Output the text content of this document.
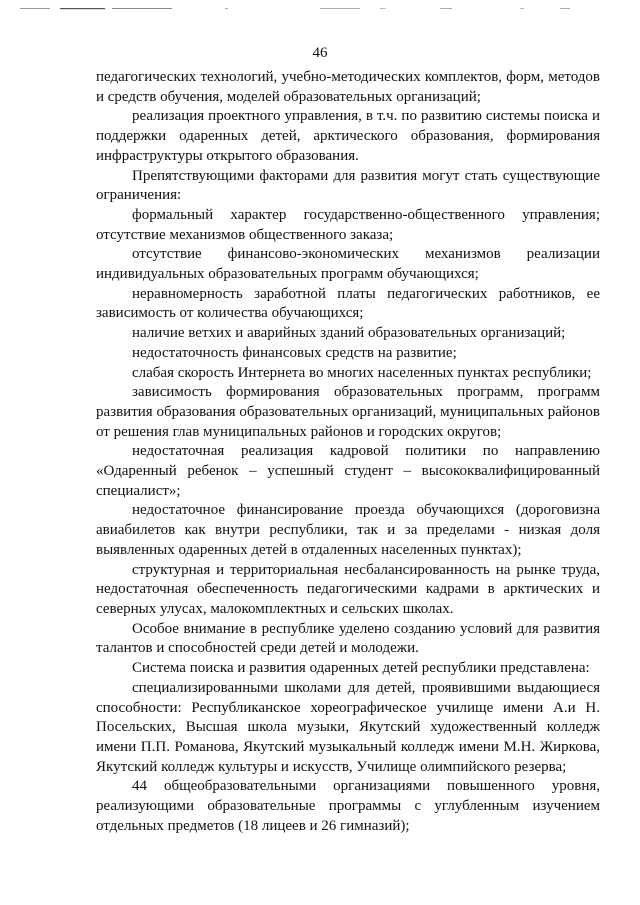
46

педагогических технологий, учебно-методических комплектов, форм, методов и средств обучения, моделей образовательных организаций;

реализация проектного управления, в т.ч. по развитию системы поиска и поддержки одаренных детей, арктического образования, формирования инфраструктуры открытого образования.

Препятствующими факторами для развития могут стать существующие ограничения:

формальный характер государственно-общественного управления; отсутствие механизмов общественного заказа;

отсутствие финансово-экономических механизмов реализации индивидуальных образовательных программ обучающихся;

неравномерность заработной платы педагогических работников, ее зависимость от количества обучающихся;

наличие ветхих и аварийных зданий образовательных организаций;

недостаточность финансовых средств на развитие;

слабая скорость Интернета во многих населенных пунктах республики;

зависимость формирования образовательных программ, программ развития образования образовательных организаций, муниципальных районов от решения глав муниципальных районов и городских округов;

недостаточная реализация кадровой политики по направлению «Одаренный ребенок – успешный студент – высококвалифицированный специалист»;

недостаточное финансирование проезда обучающихся (дороговизна авиабилетов как внутри республики, так и за пределами - низкая доля выявленных одаренных детей в отдаленных населенных пунктах);

структурная и территориальная несбалансированность на рынке труда, недостаточная обеспеченность педагогическими кадрами в арктических и северных улусах, малокомплектных и сельских школах.

Особое внимание в республике уделено созданию условий для развития талантов и способностей среди детей и молодежи.

Система поиска и развития одаренных детей республики представлена:

специализированными школами для детей, проявившими выдающиеся способности: Республиканское хореографическое училище имени А.и Н. Посельских, Высшая школа музыки, Якутский художественный колледж имени П.П. Романова, Якутский музыкальный колледж имени М.Н. Жиркова, Якутский колледж культуры и искусств, Училище олимпийского резерва;

44 общеобразовательными организациями повышенного уровня, реализующими образовательные программы с углубленным изучением отдельных предметов (18 лицеев и 26 гимназий);
